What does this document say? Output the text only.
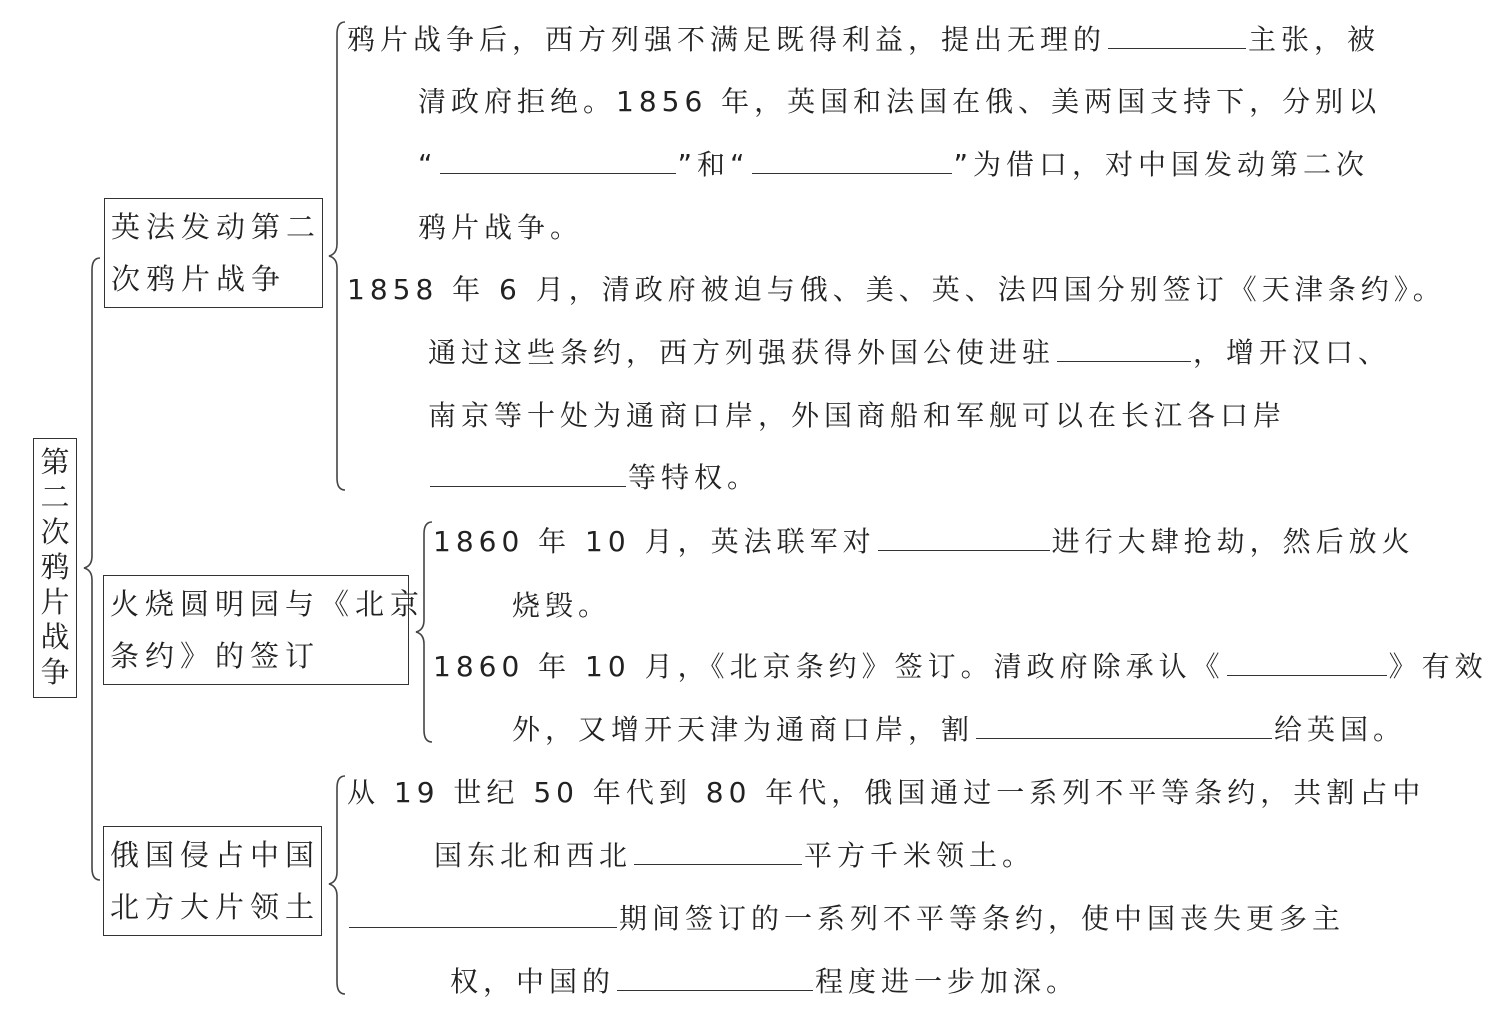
第
二
次
鸦
片
战
争
英法发动第二
次鸦片战争
火烧圆明园与《北京
条约》的签订
俄国侵占中国
北方大片领土
鸦片战争后，西方列强不满足既得利益，提出无理的	主张，被
清政府拒绝。1856 年，英国和法国在俄、美两国支持下，分别以
“	”和“	”为借口，对中国发动第二次
鸦片战争。
1858 年 6 月，清政府被迫与俄、美、英、法四国分别签订《天津条约》。
通过这些条约，西方列强获得外国公使进驻	，增开汉口、
南京等十处为通商口岸，外国商船和军舰可以在长江各口岸
等特权。
1860 年 10 月，英法联军对	进行大肆抢劫，然后放火
烧毁。
1860 年 10 月，《北京条约》签订。清政府除承认《	》有效
外，又增开天津为通商口岸，割	给英国。
从 19 世纪 50 年代到 80 年代，俄国通过一系列不平等条约，共割占中
国东北和西北	平方千米领土。
期间签订的一系列不平等条约，使中国丧失更多主
权，中国的	程度进一步加深。
